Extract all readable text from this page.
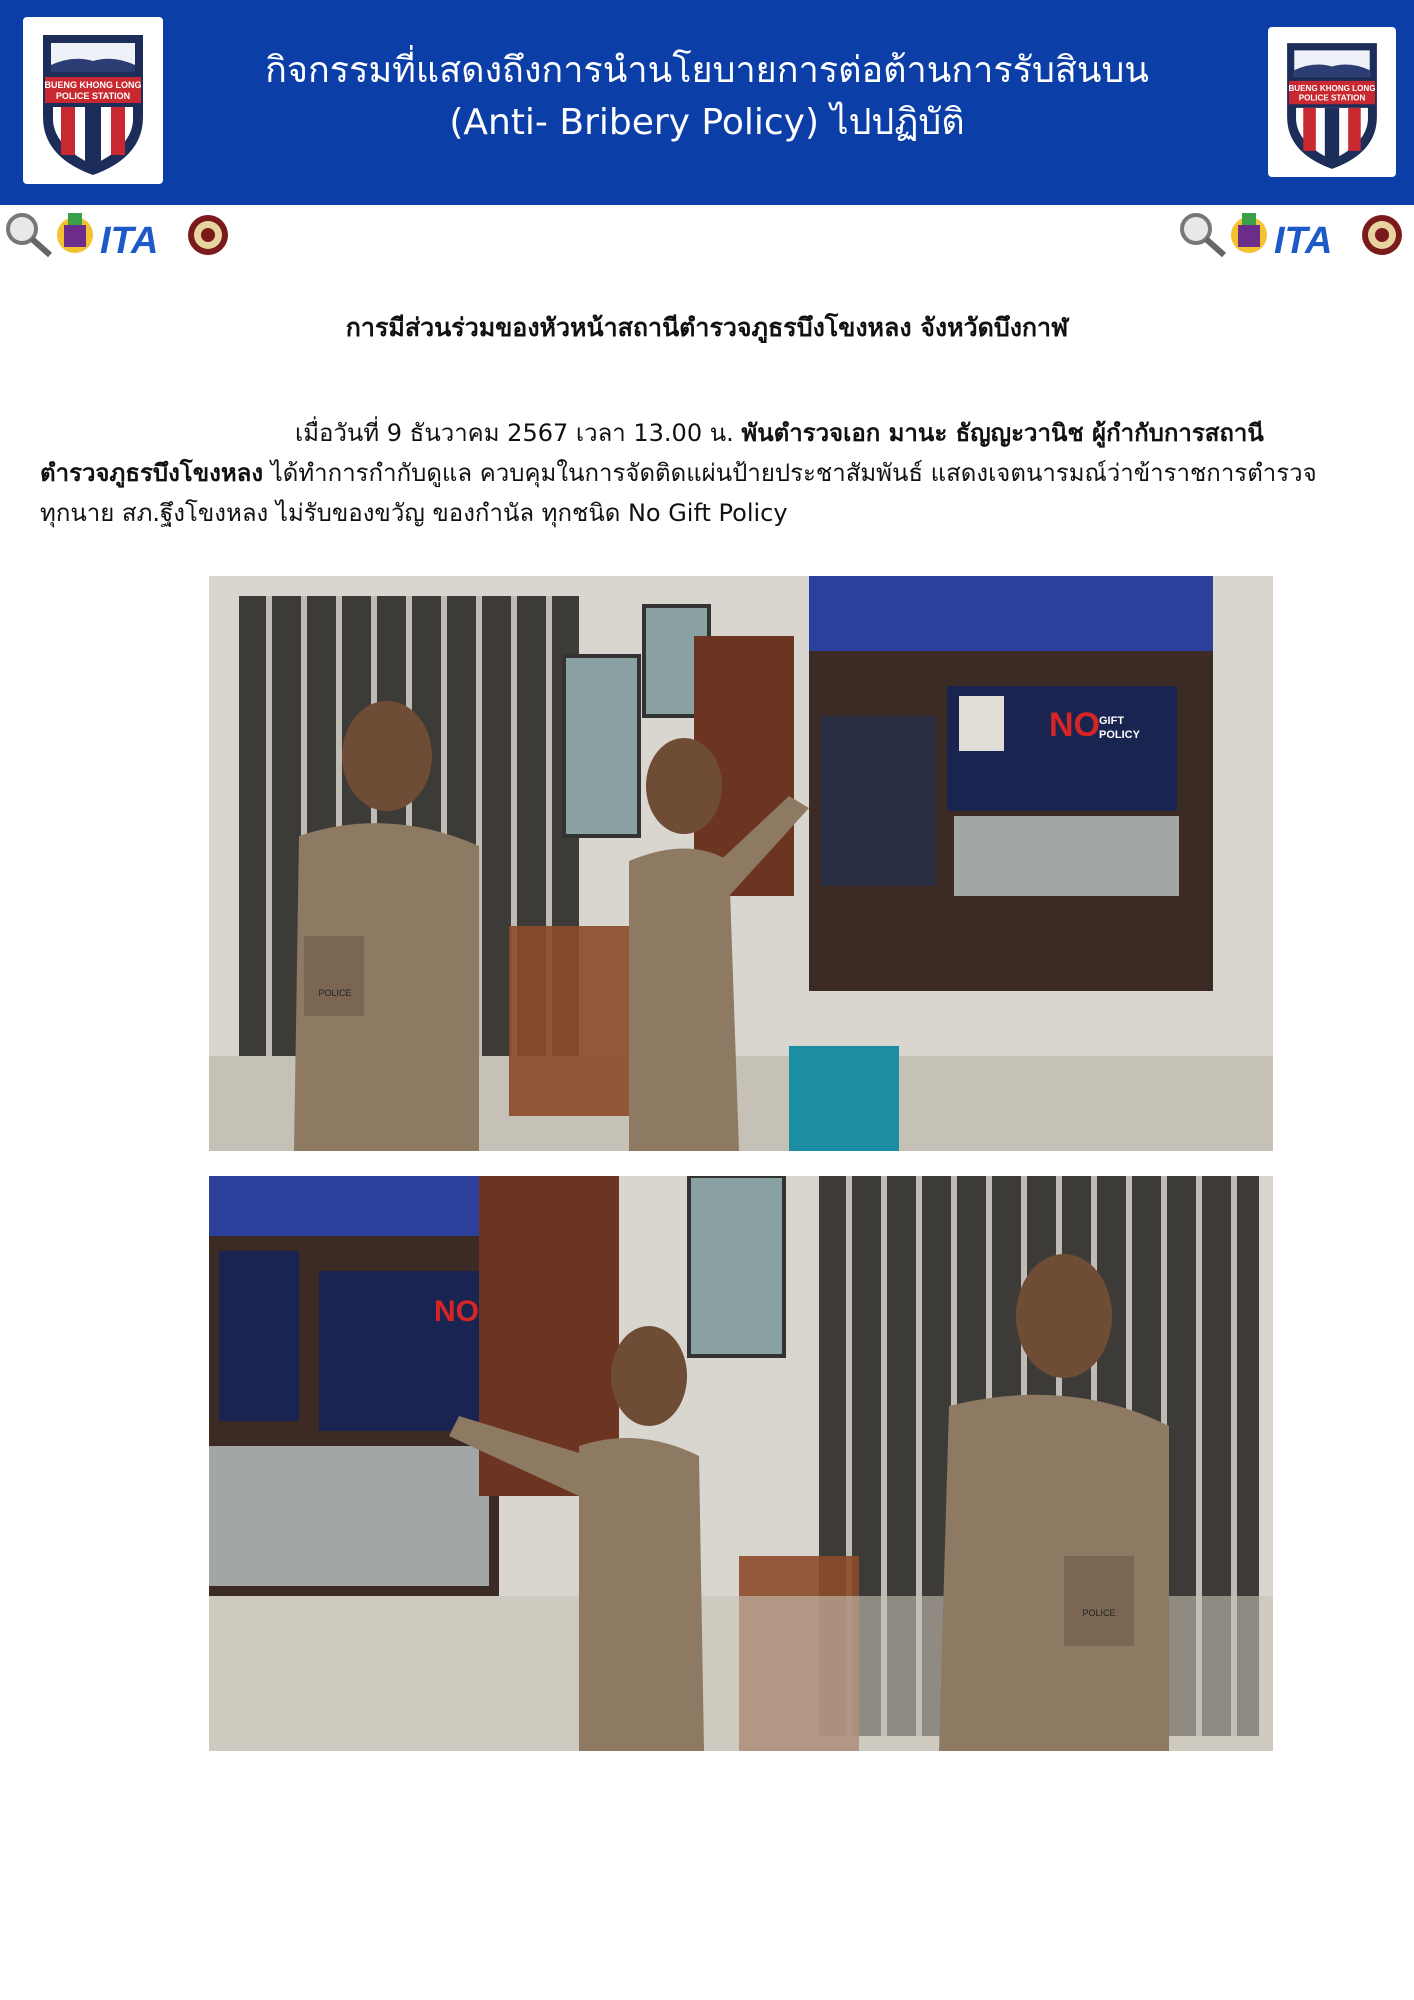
BUENG KHONG LONG
POLICE STATION
กิจกรรมที่แสดงถึงการนำนโยบายการต่อต้านการรับสินบน
(Anti- Bribery Policy) ไปปฏิบัติ
BUENG KHONG LONG
POLICE STATION
ITA	ITA
การมีส่วนร่วมของหัวหน้าสถานีตำรวจภูธรบึงโขงหลง จังหวัดบึงกาฬ
เมื่อวันที่ 9 ธันวาคม 2567 เวลา 13.00 น. พันตำรวจเอก มานะ ธัญญะวานิช ผู้กำกับการสถานี ตำรวจภูธรบึงโขงหลง ได้ทำการกำกับดูแล ควบคุมในการจัดติดแผ่นป้ายประชาสัมพันธ์ แสดงเจตนารมณ์ว่าข้าราชการตำรวจทุกนาย สภ.ฐึงโขงหลง ไม่รับของขวัญ ของกำนัล ทุกชนิด No Gift Policy
NO GIFT
POLICY
POLICE
NO
POLICE
